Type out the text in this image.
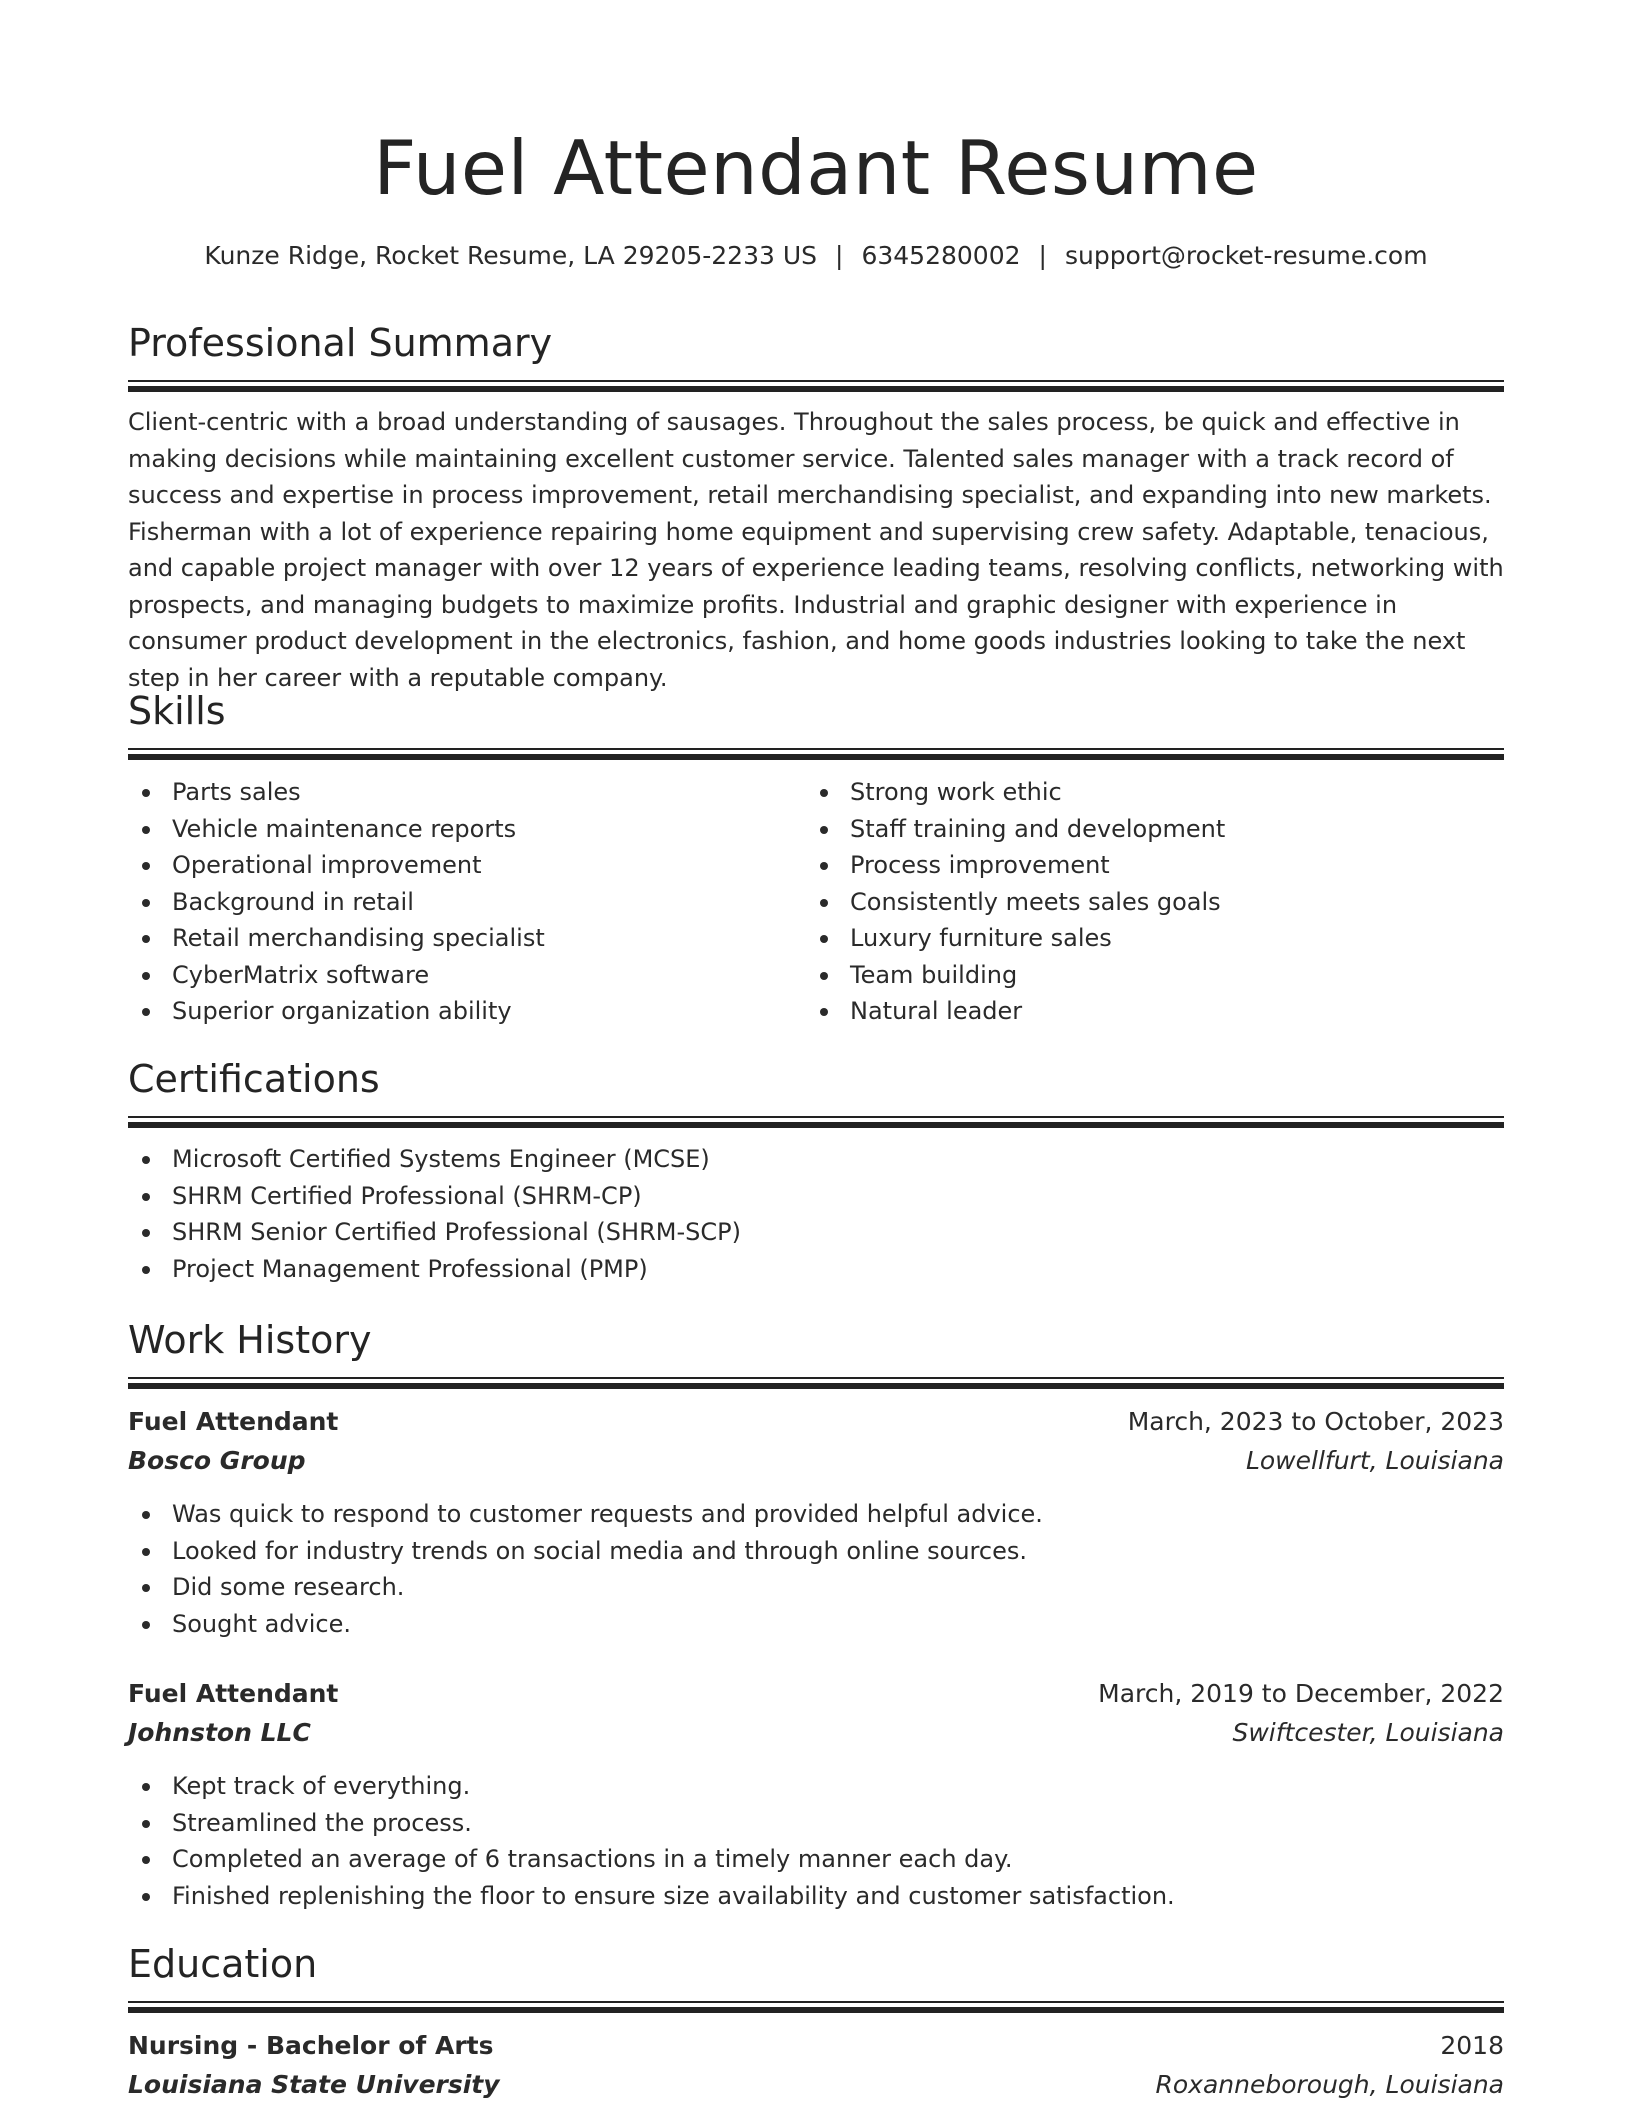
Fuel Attendant Resume
Kunze Ridge, Rocket Resume, LA 29205-2233 US | 6345280002 | support@rocket-resume.com
Professional Summary

Client-centric with a broad understanding of sausages. Throughout the sales process, be quick and effective in making decisions while maintaining excellent customer service. Talented sales manager with a track record of success and expertise in process improvement, retail merchandising specialist, and expanding into new markets. Fisherman with a lot of experience repairing home equipment and supervising crew safety. Adaptable, tenacious, and capable project manager with over 12 years of experience leading teams, resolving conflicts, networking with prospects, and managing budgets to maximize profits. Industrial and graphic designer with experience in consumer product development in the electronics, fashion, and home goods industries looking to take the next step in her career with a reputable company.

Skills
Parts sales
Vehicle maintenance reports
Operational improvement
Background in retail
Retail merchandising specialist
CyberMatrix software
Superior organization ability
Strong work ethic
Staff training and development
Process improvement
Consistently meets sales goals
Luxury furniture sales
Team building
Natural leader
Certifications
Microsoft Certified Systems Engineer (MCSE)
SHRM Certified Professional (SHRM-CP)
SHRM Senior Certified Professional (SHRM-SCP)
Project Management Professional (PMP)
Work History
Fuel Attendant	March, 2023 to October, 2023
Bosco Group	Lowellfurt, Louisiana
Was quick to respond to customer requests and provided helpful advice.
Looked for industry trends on social media and through online sources.
Did some research.
Sought advice.
Fuel Attendant	March, 2019 to December, 2022
Johnston LLC	Swiftcester, Louisiana
Kept track of everything.
Streamlined the process.
Completed an average of 6 transactions in a timely manner each day.
Finished replenishing the floor to ensure size availability and customer satisfaction.
Education
Nursing - Bachelor of Arts	2018
Louisiana State University	Roxanneborough, Louisiana
